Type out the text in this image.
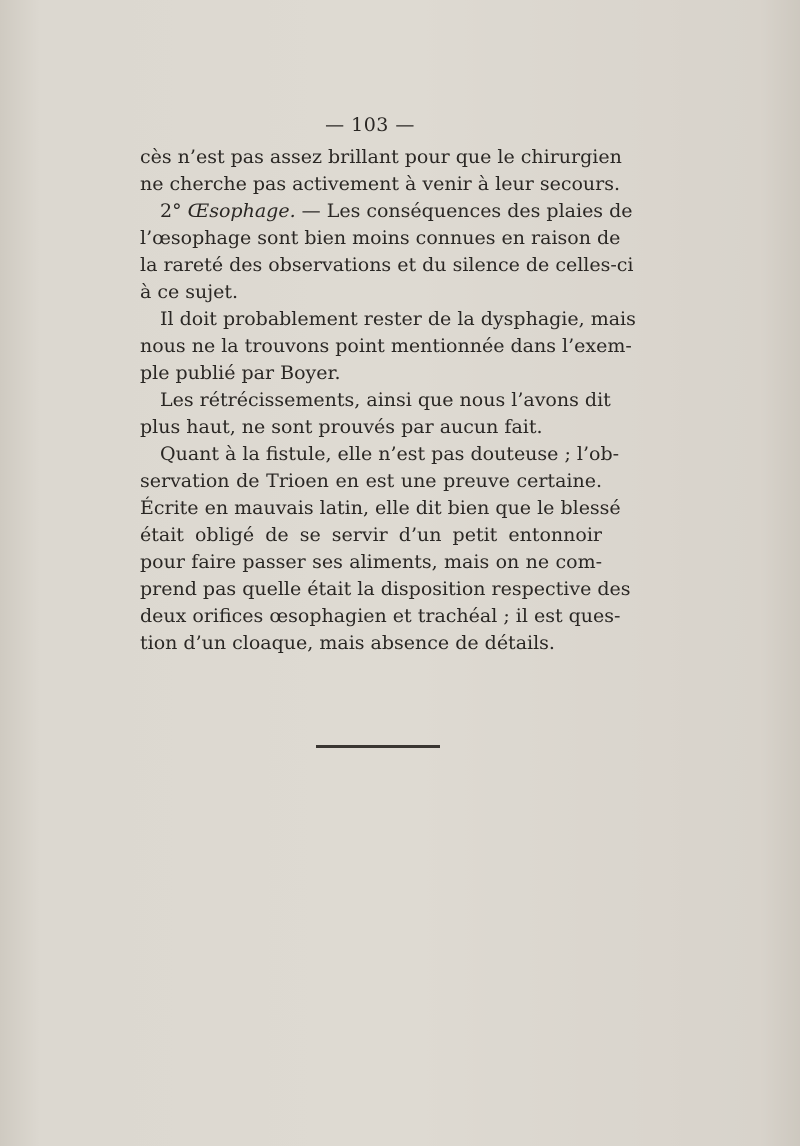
— 103 —

cès n’est pas assez brillant pour que le chirurgien
ne cherche pas activement à venir à leur secours.

2° Œsophage. — Les conséquences des plaies de
l’œsophage sont bien moins connues en raison de
la rareté des observations et du silence de celles-ci
à ce sujet.

Il doit probablement rester de la dysphagie, mais
nous ne la trouvons point mentionnée dans l’exem-
ple publié par Boyer.

Les rétrécissements, ainsi que nous l’avons dit
plus haut, ne sont prouvés par aucun fait.

Quant à la fistule, elle n’est pas douteuse ; l’ob-
servation de Trioen en est une preuve certaine.
Écrite en mauvais latin, elle dit bien que le blessé
était obligé de se servir d’un petit entonnoir
pour faire passer ses aliments, mais on ne com-
prend pas quelle était la disposition respective des
deux orifices œsophagien et trachéal ; il est ques-
tion d’un cloaque, mais absence de détails.
